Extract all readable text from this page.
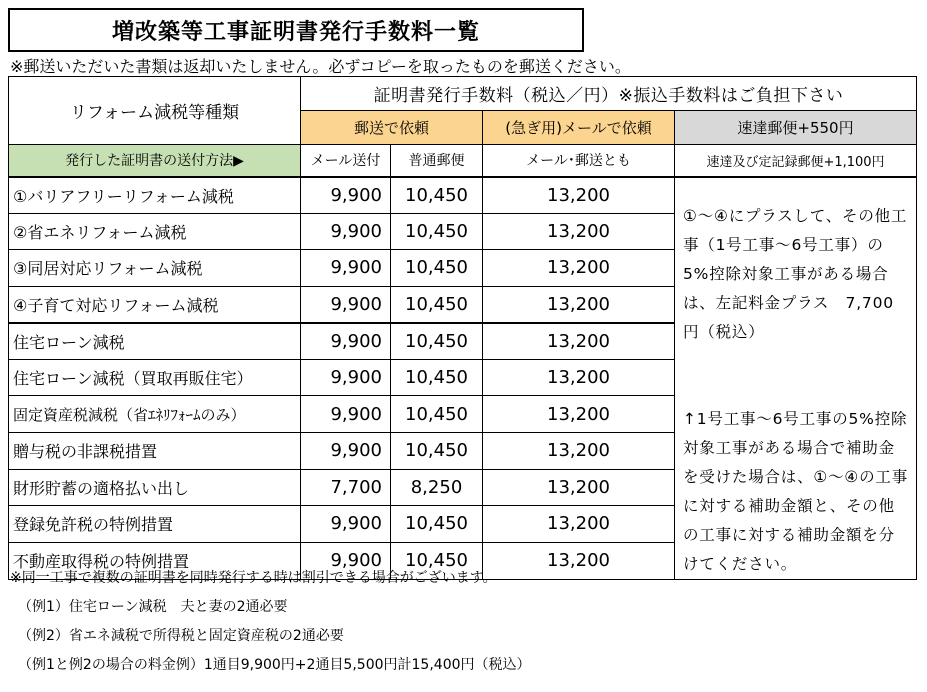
増改築等工事証明書発行手数料一覧
※郵送いただいた書類は返却いたしません。必ずコピーを取ったものを郵送ください。
リフォーム減税等種類	証明書発行手数料（税込／円）※振込手数料はご負担下さい			
	郵送で依頼		(急ぎ用)メールで依頼	速達郵便+550円
発行した証明書の送付方法▶	メール送付	普通郵便	メール･郵送とも	速達及び定記録郵便+1,100円
①バリアフリーリフォーム減税	9,900	10,450	13,200	①～④にプラスして、その他工事（1号工事～6号工事）の5%控除対象工事がある場合は、左記料金プラス　7,700円（税込）

↑1号工事～6号工事の5%控除対象工事がある場合で補助金を受けた場合は、①～④の工事に対する補助金額と、その他の工事に対する補助金額を分けてください。

②省エネリフォーム減税	9,900	10,450	13,200	
③同居対応リフォーム減税	9,900	10,450	13,200	
④子育て対応リフォーム減税	9,900	10,450	13,200	
住宅ローン減税	9,900	10,450	13,200	
住宅ローン減税（買取再販住宅）	9,900	10,450	13,200	
固定資産税減税（省ｴﾈﾘﾌｫｰﾑのみ）	9,900	10,450	13,200	
贈与税の非課税措置	9,900	10,450	13,200	
財形貯蓄の適格払い出し	7,700	8,250	13,200	
登録免許税の特例措置	9,900	10,450	13,200	
不動産取得税の特例措置	9,900	10,450	13,200	
※同一工事で複数の証明書を同時発行する時は割引できる場合がございます。
（例1）住宅ローン減税　夫と妻の2通必要
（例2）省エネ減税で所得税と固定資産税の2通必要
（例1と例2の場合の料金例）1通目9,900円+2通目5,500円計15,400円（税込）
